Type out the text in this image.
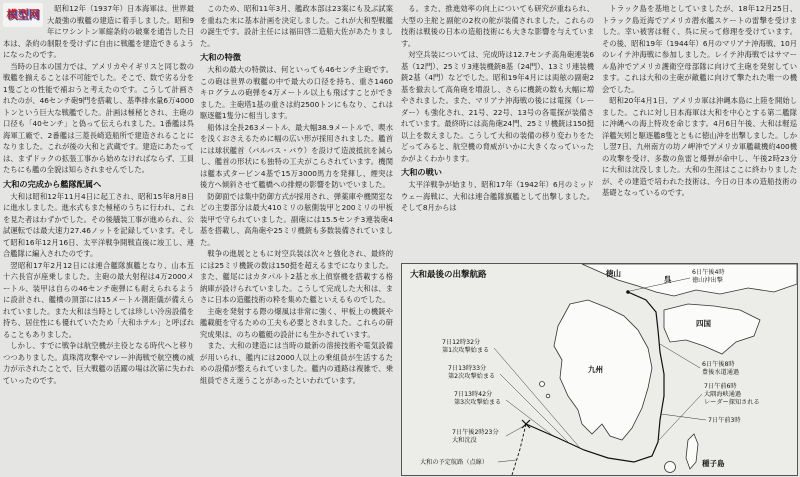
模型网	昭和12年（1937年）日本海軍は、世界最大最強の戦艦の建造に着手しました。昭和9年にワシントン軍縮条約の破棄を通告した日本は、条約の制限を受けずに自由に戦艦を建造できるようになったのです。

当時の日本の国力では、アメリカやイギリスと同じ数の戦艦を揃えることは不可能でした。そこで、数で劣る分を1隻ごとの性能で補おうと考えたのです。こうして計画されたのが、46センチ砲9門を搭載し、基準排水量6万4000トンという巨大な戦艦でした。計画は極秘とされ、主砲の口径も「40センチ」と偽って伝えられました。1番艦は呉海軍工廠で、2番艦は三菱長崎造船所で建造されることになりました。これが後の大和と武蔵です。建造にあたっては、まずドックの拡張工事から始めなければならず、工員たちにも艦の全貌は知らされませんでした。

大和の完成から艦隊配属へ

大和は昭和12年11月4日に起工され、昭和15年8月8日に進水しました。進水式もまた極秘のうちに行われ、これを見た者はわずかでした。その後艤装工事が進められ、公試運転では最大速力27.46ノットを記録しています。そして昭和16年12月16日、太平洋戦争開戦直後に竣工し、連合艦隊に編入されたのです。

翌昭和17年2月12日には連合艦隊旗艦となり、山本五十六長官が座乗しました。主砲の最大射程は4万2000メートル、装甲は自らの46センチ砲弾にも耐えられるように設計され、艦橋の頂部には15メートル測距儀が備えられていました。また大和は当時としては珍しい冷房設備を持ち、居住性にも優れていたため「大和ホテル」と呼ばれることもありました。

しかし、すでに戦争は航空機が主役となる時代へと移りつつありました。真珠湾攻撃やマレー沖海戦で航空機の威力が示されたことで、巨大戦艦の活躍の場は次第に失われていったのです。

このため、昭和11年3月、艦政本部は23案にも及ぶ試案を重ねた末に基本計画を決定しました。これが大和型戦艦の誕生です。設計主任には福田啓二造船大佐があたりました。

大和の特徴

大和の最大の特徴は、何といっても46センチ主砲です。この砲は世界の戦艦の中で最大の口径を持ち、重さ1460キログラムの砲弾を4万メートル以上も飛ばすことができました。主砲塔1基の重さは約2500トンにもなり、これは駆逐艦1隻分に相当します。

船体は全長263メートル、最大幅38.9メートルで、喫水を浅くおさえるために幅の広い形が採用されました。艦首には球状艦首（バルバス・バウ）を設けて造波抵抗を減らし、艦首の形状にも独特の工夫がこらされています。機関は艦本式タービン4基で15万3000馬力を発揮し、煙突は後方へ傾斜させて艦橋への排煙の影響を防いでいました。

防御面では集中防御方式が採用され、弾薬庫や機関室などの主要部分は最大410ミリの舷側装甲と200ミリの甲板装甲で守られていました。副砲には15.5センチ3連装砲4基を搭載し、高角砲や25ミリ機銃も多数装備されていました。

戦争の進展とともに対空兵装は次々と強化され、最終的には25ミリ機銃の数は150挺を超えるまでになりました。また、艦尾にはカタパルト2基と水上偵察機を搭載する格納庫が設けられていました。こうして完成した大和は、まさに日本の造艦技術の粋を集めた艦といえるものでした。

主砲を発射する際の爆風は非常に強く、甲板上の機銃や艦載艇を守るための工夫も必要とされました。これらの研究成果は、のちの艦艇の設計にも生かされています。

また、大和の建造には当時の最新の溶接技術や電気設備が用いられ、艦内には2000人以上の乗組員が生活するための設備が整えられていました。艦内の通路は複雑で、乗組員でさえ迷うことがあったといわれています。

る。また、推進効率の向上についても研究が重ねられ、大型の主舵と副舵の2枚の舵が装備されました。これらの技術は戦後の日本の造船技術にも大きな影響を与えています。

対空兵装については、完成時は12.7センチ高角砲連装6基（12門）、25ミリ3連装機銃8基（24門）、13ミリ連装機銃2基（4門）などでした。昭和19年4月には両舷の副砲2基を撤去して高角砲を増設し、さらに機銃の数も大幅に増やされました。また、マリアナ沖海戦の後には電探（レーダー）も強化され、21号、22号、13号の各電探が装備されています。最終時には高角砲24門、25ミリ機銃は150挺以上を数えました。こうして大和の装備の移り変わりをたどってみると、航空機の脅威がいかに大きくなっていったかがよくわかります。

大和の戦い

太平洋戦争が始まり、昭和17年（1942年）6月のミッドウェー海戦に、大和は連合艦隊旗艦として出撃しました。そして8月からは

トラック島を基地としていましたが、18年12月25日、トラック島近海でアメリカ潜水艦スケートの雷撃を受けました。幸い被害は軽く、呉に戻って修理を受けています。その後、昭和19年（1944年）6月のマリアナ沖海戦、10月のレイテ沖海戦に参加しました。レイテ沖海戦ではサマール島沖でアメリカ護衛空母部隊に向けて主砲を発射しています。これは大和の主砲が敵艦に向けて撃たれた唯一の機会でした。

昭和20年4月1日、アメリカ軍は沖縄本島に上陸を開始しました。これに対し日本海軍は大和を中心とする第二艦隊に沖縄への海上特攻を命じます。4月6日午後、大和は軽巡洋艦矢矧と駆逐艦8隻とともに徳山沖を出撃しました。しかし翌7日、九州南方の坊ノ岬沖でアメリカ軍艦載機約400機の攻撃を受け、多数の魚雷と爆弾が命中し、午後2時23分に大和は沈没しました。大和の生涯はここに終わりましたが、その建造で培われた技術は、今日の日本の造船技術の基礎となっているのです。

大和最後の出撃航路	呉
徳山
四国
九州
種子島
6日午後4時
徳山沖出撃
6日午後8時
豊後水道通過
7日午前6時
大隅海峡通過
レーダー探知される
7日午前3時
7日12時32分
第1次攻撃始まる
7日13時33分
第2次攻撃始まる
7日13時42分
第3次攻撃始まる
7日午後2時23分
大和沈没
大和の予定航路（点線）
